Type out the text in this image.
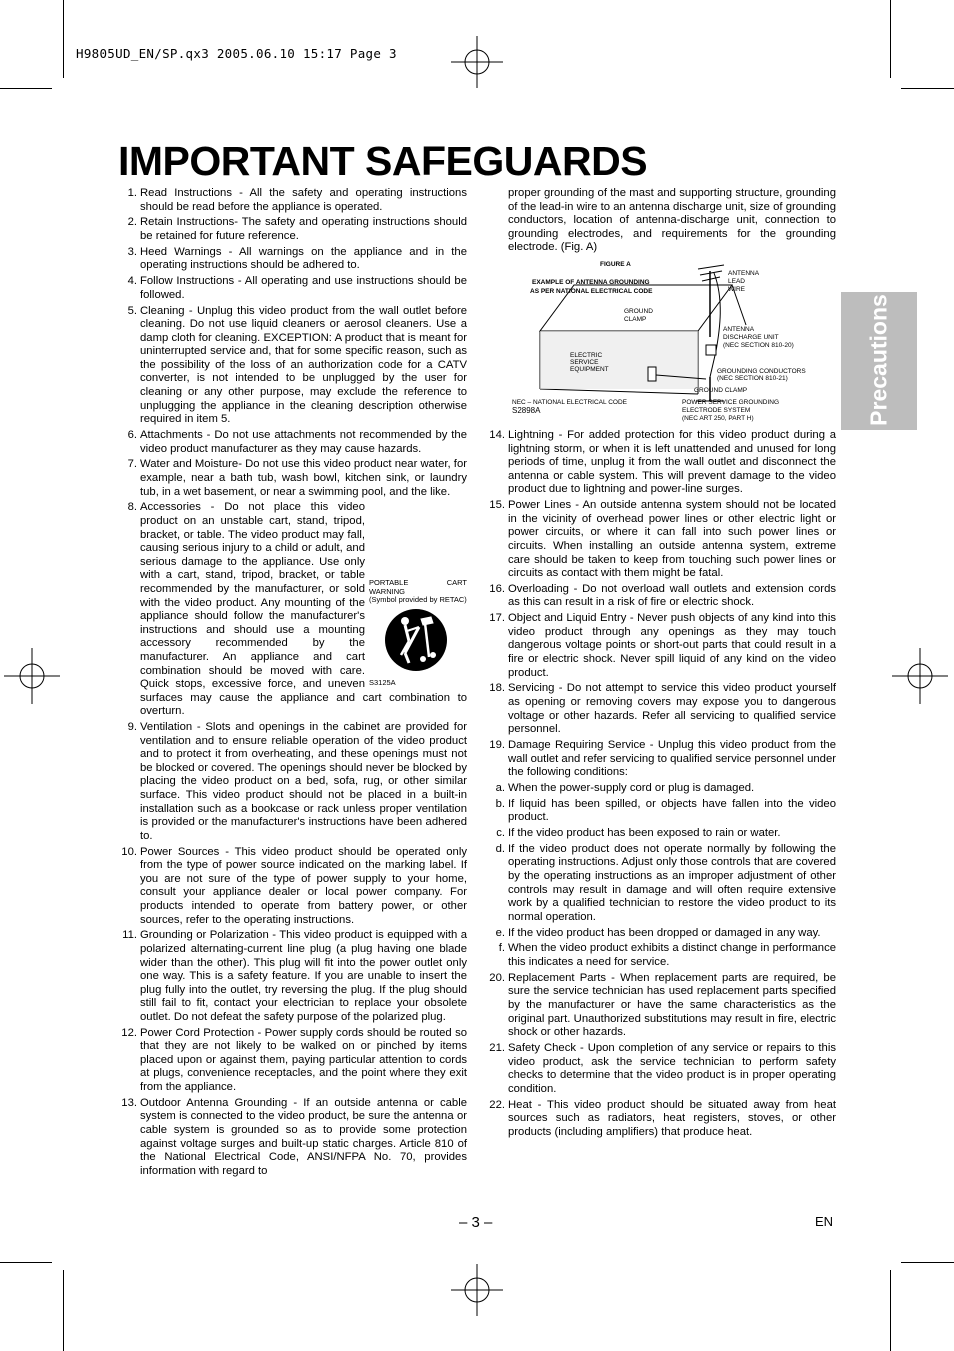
H9805UD_EN/SP.qx3 2005.06.10 15:17 Page 3
IMPORTANT SAFEGUARDS
Precautions
1. Read Instructions - All the safety and operating instructions should be read before the appliance is operated.
2. Retain Instructions- The safety and operating instructions should be retained for future reference.
3. Heed Warnings - All warnings on the appliance and in the operating instructions should be adhered to.
4. Follow Instructions - All operating and use instructions should be followed.
5. Cleaning - Unplug this video product from the wall outlet before cleaning. Do not use liquid cleaners or aerosol cleaners. Use a damp cloth for cleaning. EXCEPTION: A product that is meant for uninterrupted service and, that for some specific reason, such as the possibility of the loss of an authorization code for a CATV converter, is not intended to be unplugged by the user for cleaning or any other purpose, may exclude the reference to unplugging the appliance in the cleaning description otherwise required in item 5.
6. Attachments - Do not use attachments not recommended by the video product manufacturer as they may cause hazards.
7. Water and Moisture- Do not use this video product near water, for example, near a bath tub, wash bowl, kitchen sink, or laundry tub, in a wet basement, or near a swimming pool, and the like.
8.
PORTABLE CART WARNING
(Symbol provided by RETAC)
S3125A
Accessories - Do not place this video product on an unstable cart, stand, tripod, bracket, or table. The video product may fall, causing serious injury to a child or adult, and serious damage to the appliance. Use only with a cart, stand, tripod, bracket, or table recommended by the manufacturer, or sold with the video product. Any mounting of the appliance should follow the manufacturer's instructions and should use a mounting accessory recommended by the manufacturer. An appliance and cart combination should be moved with care. Quick stops, excessive force, and uneven surfaces may cause the appliance and cart combination to overturn.
9. Ventilation - Slots and openings in the cabinet are provided for ventilation and to ensure reliable operation of the video product and to protect it from overheating, and these openings must not be blocked or covered. The openings should never be blocked by placing the video product on a bed, sofa, rug, or other similar surface. This video product should not be placed in a built-in installation such as a bookcase or rack unless proper ventilation is provided or the manufacturer's instructions have been adhered to.
10. Power Sources - This video product should be operated only from the type of power source indicated on the marking label. If you are not sure of the type of power supply to your home, consult your appliance dealer or local power company. For products intended to operate from battery power, or other sources, refer to the operating instructions.
11. Grounding or Polarization - This video product is equipped with a polarized alternating-current line plug (a plug having one blade wider than the other). This plug will fit into the power outlet only one way. This is a safety feature. If you are unable to insert the plug fully into the outlet, try reversing the plug. If the plug should still fail to fit, contact your electrician to replace your obsolete outlet. Do not defeat the safety purpose of the polarized plug.
12. Power Cord Protection - Power supply cords should be routed so that they are not likely to be walked on or pinched by items placed upon or against them, paying particular attention to cords at plugs, convenience receptacles, and the point where they exit from the appliance.
13. Outdoor Antenna Grounding - If an outside antenna or cable system is connected to the video product, be sure the antenna or cable system is grounded so as to provide some protection against voltage surges and built-up static charges. Article 810 of the National Electrical Code, ANSI/NFPA No. 70, provides information with regard to
proper grounding of the mast and supporting structure, grounding of the lead-in wire to an antenna discharge unit, size of grounding conductors, location of antenna-discharge unit, connection to grounding electrodes, and requirements for the grounding electrode. (Fig. A)
FIGURE A
EXAMPLE OF ANTENNA GROUNDING
AS PER NATIONAL ELECTRICAL CODE
ANTENNA
LEAD
WIRE
GROUND
CLAMP
ANTENNA
DISCHARGE UNIT
(NEC SECTION 810-20)
ELECTRIC
SERVICE
EQUIPMENT	GROUNDING CONDUCTORS
(NEC SECTION 810-21)
GROUND CLAMP
NEC – NATIONAL ELECTRICAL CODE
S2898A
POWER SERVICE GROUNDING
ELECTRODE SYSTEM
(NEC ART 250, PART H)
14. Lightning - For added protection for this video product during a lightning storm, or when it is left unattended and unused for long periods of time, unplug it from the wall outlet and disconnect the antenna or cable system. This will prevent damage to the video product due to lightning and power-line surges.
15. Power Lines - An outside antenna system should not be located in the vicinity of overhead power lines or other electric light or power circuits, or where it can fall into such power lines or circuits. When installing an outside antenna system, extreme care should be taken to keep from touching such power lines or circuits as contact with them might be fatal.
16. Overloading - Do not overload wall outlets and extension cords as this can result in a risk of fire or electric shock.
17. Object and Liquid Entry - Never push objects of any kind into this video product through any openings as they may touch dangerous voltage points or short-out parts that could result in a fire or electric shock. Never spill liquid of any kind on the video product.
18. Servicing - Do not attempt to service this video product yourself as opening or removing covers may expose you to dangerous voltage or other hazards. Refer all servicing to qualified service personnel.
19. Damage Requiring Service - Unplug this video product from the wall outlet and refer servicing to qualified service personnel under the following conditions:
a. When the power-supply cord or plug is damaged.
b. If liquid has been spilled, or objects have fallen into the video product.
c. If the video product has been exposed to rain or water.
d. If the video product does not operate normally by following the operating instructions. Adjust only those controls that are covered by the operating instructions as an improper adjustment of other controls may result in damage and will often require extensive work by a qualified technician to restore the video product to its normal operation.
e. If the video product has been dropped or damaged in any way.
f. When the video product exhibits a distinct change in performance this indicates a need for service.
20. Replacement Parts - When replacement parts are required, be sure the service technician has used replacement parts specified by the manufacturer or have the same characteristics as the original part. Unauthorized substitutions may result in fire, electric shock or other hazards.
21. Safety Check - Upon completion of any service or repairs to this video product, ask the service technician to perform safety checks to determine that the video product is in proper operating condition.
22. Heat - This video product should be situated away from heat sources such as radiators, heat registers, stoves, or other products (including amplifiers) that produce heat.
– 3 –	EN
